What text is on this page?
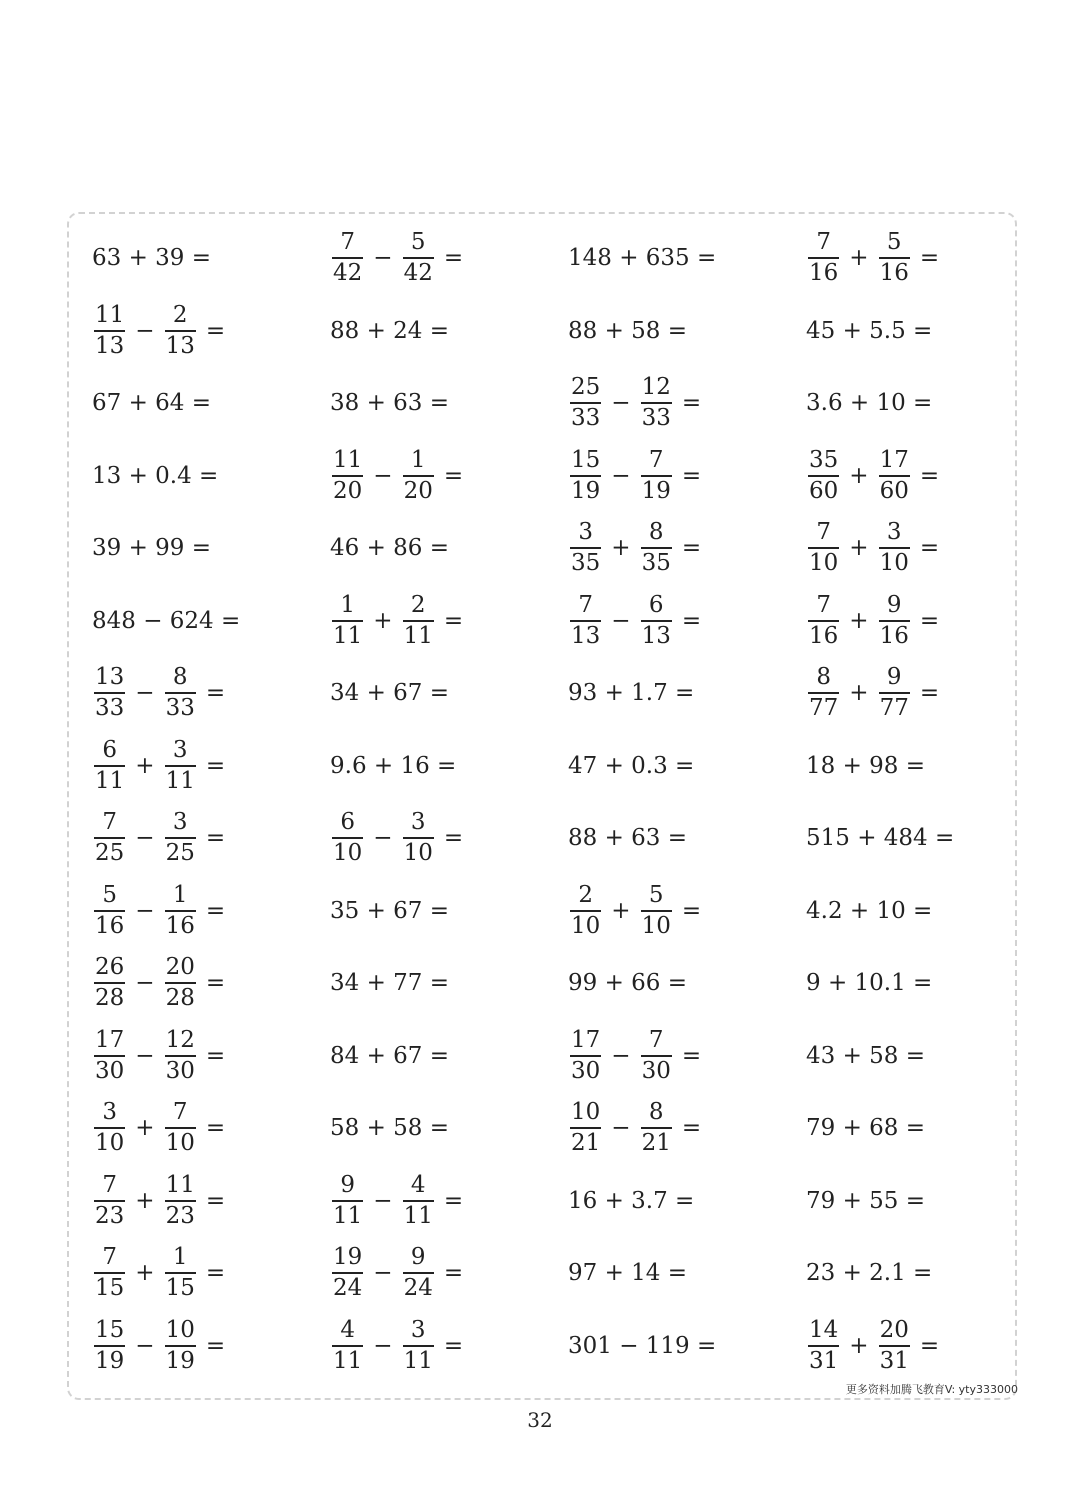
63 + 39 =	$\frac{7}{42} - \frac{5}{42}$ =	148 + 635 =	$\frac{7}{16} + \frac{5}{16}$ =
$\frac{11}{13} - \frac{2}{13}$ =	88 + 24 =	88 + 58 =	45 + 5.5 =
67 + 64 =	38 + 63 =	$\frac{25}{33} - \frac{12}{33}$ =	3.6 + 10 =
13 + 0.4 =	$\frac{11}{20} - \frac{1}{20}$ =	$\frac{15}{19} - \frac{7}{19}$ =	$\frac{35}{60} + \frac{17}{60}$ =
39 + 99 =	46 + 86 =	$\frac{3}{35} + \frac{8}{35}$ =	$\frac{7}{10} + \frac{3}{10}$ =
848 − 624 =	$\frac{1}{11} + \frac{2}{11}$ =	$\frac{7}{13} - \frac{6}{13}$ =	$\frac{7}{16} + \frac{9}{16}$ =
$\frac{13}{33} - \frac{8}{33}$ =	34 + 67 =	93 + 1.7 =	$\frac{8}{77} + \frac{9}{77}$ =
$\frac{6}{11} + \frac{3}{11}$ =	9.6 + 16 =	47 + 0.3 =	18 + 98 =
$\frac{7}{25} - \frac{3}{25}$ =	$\frac{6}{10} - \frac{3}{10}$ =	88 + 63 =	515 + 484 =
$\frac{5}{16} - \frac{1}{16}$ =	35 + 67 =	$\frac{2}{10} + \frac{5}{10}$ =	4.2 + 10 =
$\frac{26}{28} - \frac{20}{28}$ =	34 + 77 =	99 + 66 =	9 + 10.1 =
$\frac{17}{30} - \frac{12}{30}$ =	84 + 67 =	$\frac{17}{30} - \frac{7}{30}$ =	43 + 58 =
$\frac{3}{10} + \frac{7}{10}$ =	58 + 58 =	$\frac{10}{21} - \frac{8}{21}$ =	79 + 68 =
$\frac{7}{23} + \frac{11}{23}$ =	$\frac{9}{11} - \frac{4}{11}$ =	16 + 3.7 =	79 + 55 =
$\frac{7}{15} + \frac{1}{15}$ =	$\frac{19}{24} - \frac{9}{24}$ =	97 + 14 =	23 + 2.1 =
$\frac{15}{19} - \frac{10}{19}$ =	$\frac{4}{11} - \frac{3}{11}$ =	301 − 119 =	$\frac{14}{31} + \frac{20}{31}$ =
更多资料加腾飞教育V: yty333000
32
